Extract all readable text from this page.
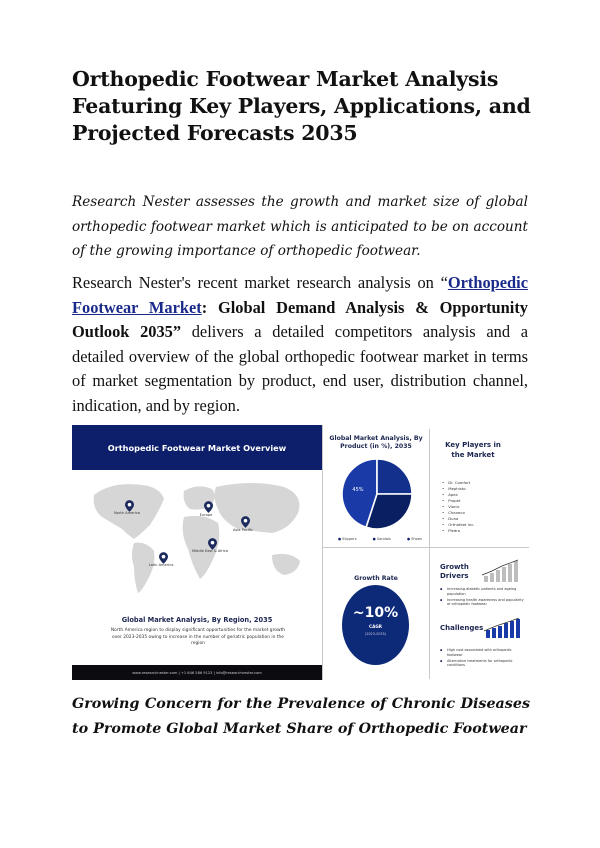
Orthopedic Footwear Market Analysis Featuring Key Players, Applications, and Projected Forecasts 2035

Research Nester assesses the growth and market size of global orthopedic footwear market which is anticipated to be on account of the growing importance of orthopedic footwear.

Research Nester's recent market research analysis on “Orthopedic Footwear Market: Global Demand Analysis & Opportunity Outlook 2035” delivers a detailed competitors analysis and a detailed overview of the global orthopedic footwear market in terms of market segmentation by product, end user, distribution channel, indication, and by region.

Orthopedic Footwear Market Overview
North America	Europe
Asia Pacific
Middle East & Africa
Latin America
Global Market Analysis, By Region, 2035
North America region to display significant opportunities for the market growth over 2023-2035 owing to increase in the number of geriatric population in the region
www.researchnester.com | +1 646 586 9123 | info@researchnester.com
Global Market Analysis, By Product (in %), 2035
45%
● Slippers	● Sandals	● Shoes
Key Players in the Market
• Dr. Comfort
• Mephisto
• Apex
• Propet
• Vionic
• Chaneco
• Duna
• Orthofeet Inc.
• Piedro
Growth Rate
~10%
CAGR
(2023-2035)
Growth Drivers
▪ Increasing diabetic patients and ageing population
▪ Increasing health awareness and popularity of orthopedic footwear
Challenges
▪ High cost associated with orthopedic footwear
▪ Alternative treatments for orthopedic conditions

Growing Concern for the Prevalence of Chronic Diseases to Promote Global Market Share of Orthopedic Footwear
